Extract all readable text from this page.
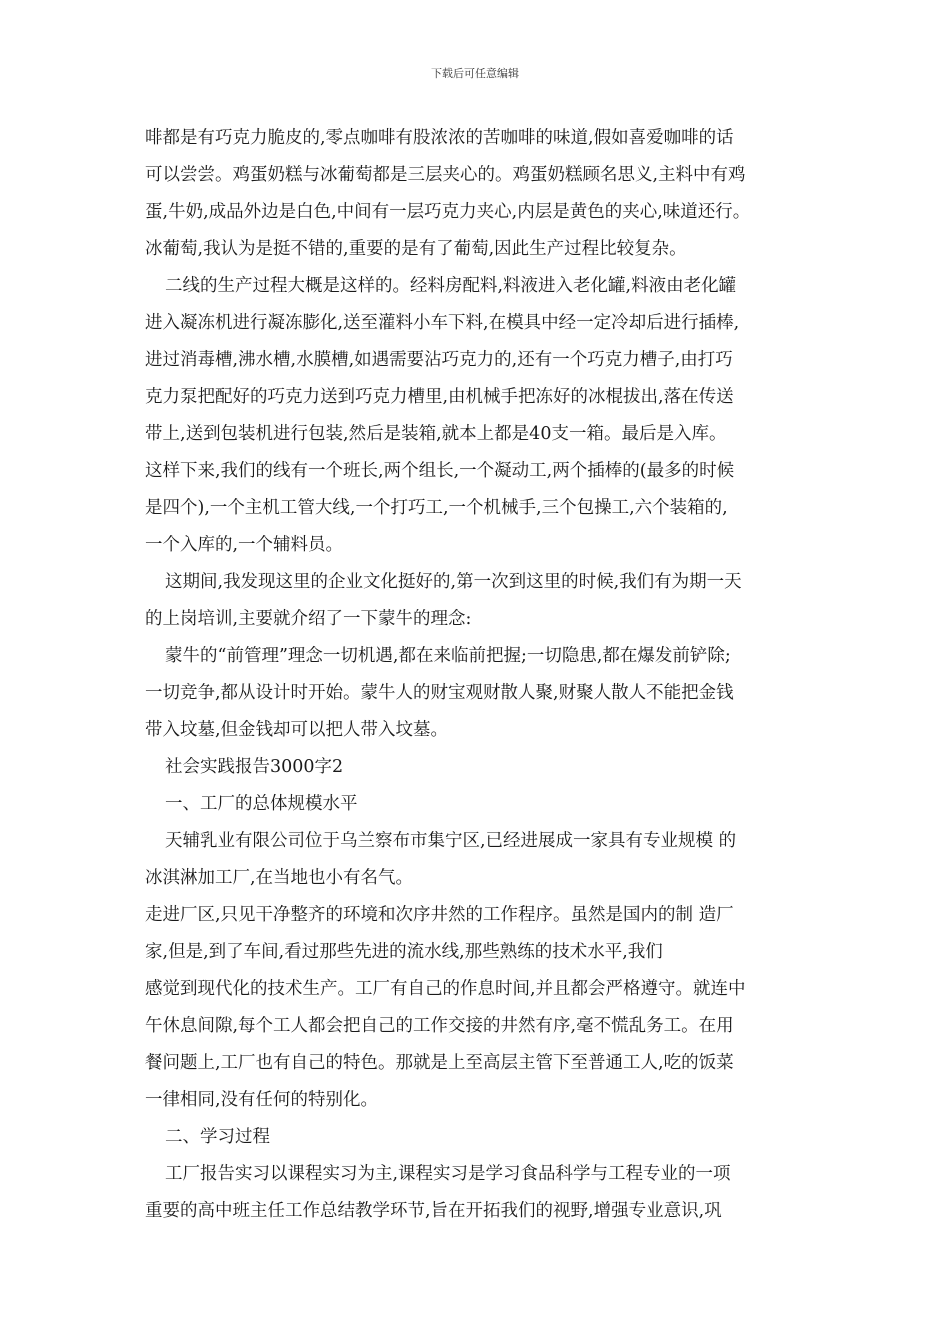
下载后可任意编辑
啡都是有巧克力脆皮的,零点咖啡有股浓浓的苦咖啡的味道,假如喜爱咖啡的话
可以尝尝。鸡蛋奶糕与冰葡萄都是三层夹心的。鸡蛋奶糕顾名思义,主料中有鸡
蛋,牛奶,成品外边是白色,中间有一层巧克力夹心,内层是黄色的夹心,味道还行。
冰葡萄,我认为是挺不错的,重要的是有了葡萄,因此生产过程比较复杂。
二线的生产过程大概是这样的。经料房配料,料液进入老化罐,料液由老化罐
进入凝冻机进行凝冻膨化,送至灌料小车下料,在模具中经一定冷却后进行插棒,
进过消毒槽,沸水槽,水膜槽,如遇需要沾巧克力的,还有一个巧克力槽子,由打巧
克力泵把配好的巧克力送到巧克力槽里,由机械手把冻好的冰棍拔出,落在传送
带上,送到包装机进行包装,然后是装箱,就本上都是40支一箱。最后是入库。
这样下来,我们的线有一个班长,两个组长,一个凝动工,两个插棒的(最多的时候
是四个),一个主机工管大线,一个打巧工,一个机械手,三个包操工,六个装箱的,
一个入库的,一个辅料员。
这期间,我发现这里的企业文化挺好的,第一次到这里的时候,我们有为期一天
的上岗培训,主要就介绍了一下蒙牛的理念:
蒙牛的“前管理”理念一切机遇,都在来临前把握;一切隐患,都在爆发前铲除;
一切竞争,都从设计时开始。蒙牛人的财宝观财散人聚,财聚人散人不能把金钱
带入坟墓,但金钱却可以把人带入坟墓。
社会实践报告3000字2
一、工厂的总体规模水平
天辅乳业有限公司位于乌兰察布市集宁区,已经进展成一家具有专业规模 的
冰淇淋加工厂,在当地也小有名气。
走进厂区,只见干净整齐的环境和次序井然的工作程序。虽然是国内的制 造厂
家,但是,到了车间,看过那些先进的流水线,那些熟练的技术水平,我们
感觉到现代化的技术生产。工厂有自己的作息时间,并且都会严格遵守。就连中
午休息间隙,每个工人都会把自己的工作交接的井然有序,毫不慌乱务工。在用
餐问题上,工厂也有自己的特色。那就是上至高层主管下至普通工人,吃的饭菜
一律相同,没有任何的特别化。
二、学习过程
工厂报告实习以课程实习为主,课程实习是学习食品科学与工程专业的一项
重要的高中班主任工作总结教学环节,旨在开拓我们的视野,增强专业意识,巩
